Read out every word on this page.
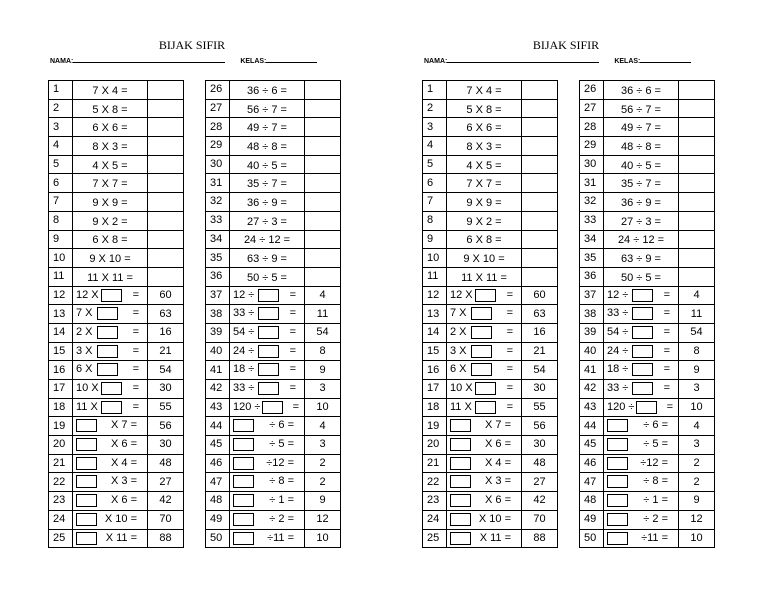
BIJAK SIFIR
NAMA:	KELAS:
1	7 X 4 =	

2	5 X 8 =	

3	6 X 6 =	

4	8 X 3 =	

5	4 X 5 =	

6	7 X 7 =	

7	9 X 9 =	

8	9 X 2 =	

9	6 X 8 =	

10	9 X 10 =	

11	11 X 11 =	

12	12 X =	60
13	7 X =	63
14	2 X =	16
15	3 X =	21
16	6 X =	54
17	10 X =	30
18	11 X =	55
19	X 7 =	56
20	X 6 =	30
21	X 4 =	48
22	X 3 =	27
23	X 6 =	42
24	X 10 =	70
25	X 11 =	88
26	36 ÷ 6 =	

27	56 ÷ 7 =	

28	49 ÷ 7 =	

29	48 ÷ 8 =	

30	40 ÷ 5 =	

31	35 ÷ 7 =	

32	36 ÷ 9 =	

33	27 ÷ 3 =	

34	24 ÷ 12 =	

35	63 ÷ 9 =	

36	50 ÷ 5 =	

37	12 ÷ =	4
38	33 ÷ =	11
39	54 ÷ =	54
40	24 ÷ =	8
41	18 ÷ =	9
42	33 ÷ =	3
43	120 ÷ =	10
44	÷ 6 =	4
45	÷ 5 =	3
46	÷12 =	2
47	÷ 8 =	2
48	÷ 1 =	9
49	÷ 2 =	12
50	÷11 =	10
BIJAK SIFIR
NAMA:	KELAS:
1	7 X 4 =	

2	5 X 8 =	

3	6 X 6 =	

4	8 X 3 =	

5	4 X 5 =	

6	7 X 7 =	

7	9 X 9 =	

8	9 X 2 =	

9	6 X 8 =	

10	9 X 10 =	

11	11 X 11 =	

12	12 X =	60
13	7 X =	63
14	2 X =	16
15	3 X =	21
16	6 X =	54
17	10 X =	30
18	11 X =	55
19	X 7 =	56
20	X 6 =	30
21	X 4 =	48
22	X 3 =	27
23	X 6 =	42
24	X 10 =	70
25	X 11 =	88
26	36 ÷ 6 =	

27	56 ÷ 7 =	

28	49 ÷ 7 =	

29	48 ÷ 8 =	

30	40 ÷ 5 =	

31	35 ÷ 7 =	

32	36 ÷ 9 =	

33	27 ÷ 3 =	

34	24 ÷ 12 =	

35	63 ÷ 9 =	

36	50 ÷ 5 =	

37	12 ÷ =	4
38	33 ÷ =	11
39	54 ÷ =	54
40	24 ÷ =	8
41	18 ÷ =	9
42	33 ÷ =	3
43	120 ÷ =	10
44	÷ 6 =	4
45	÷ 5 =	3
46	÷12 =	2
47	÷ 8 =	2
48	÷ 1 =	9
49	÷ 2 =	12
50	÷11 =	10
